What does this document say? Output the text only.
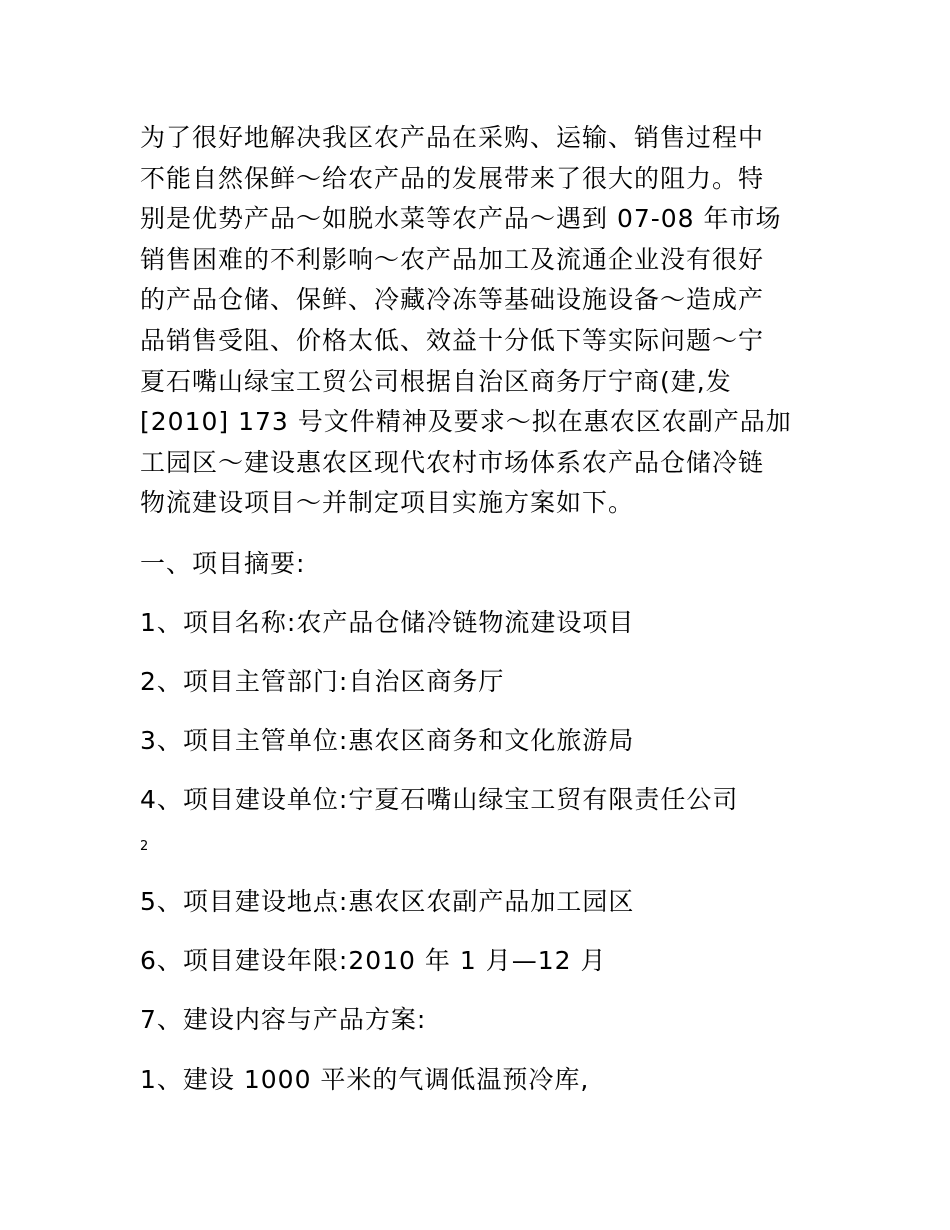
为了很好地解决我区农产品在采购、运输、销售过程中
不能自然保鲜～给农产品的发展带来了很大的阻力。特
别是优势产品～如脱水菜等农产品～遇到 07-08 年市场
销售困难的不利影响～农产品加工及流通企业没有很好
的产品仓储、保鲜、冷藏冷冻等基础设施设备～造成产
品销售受阻、价格太低、效益十分低下等实际问题～宁
夏石嘴山绿宝工贸公司根据自治区商务厅宁商(建,发
[2010] 173 号文件精神及要求～拟在惠农区农副产品加
工园区～建设惠农区现代农村市场体系农产品仓储冷链
物流建设项目～并制定项目实施方案如下。
一、项目摘要:
1、项目名称:农产品仓储冷链物流建设项目
2、项目主管部门:自治区商务厅
3、项目主管单位:惠农区商务和文化旅游局
4、项目建设单位:宁夏石嘴山绿宝工贸有限责任公司
2
5、项目建设地点:惠农区农副产品加工园区
6、项目建设年限:2010 年 1 月—12 月
7、建设内容与产品方案:
1、建设 1000 平米的气调低温预冷库,
